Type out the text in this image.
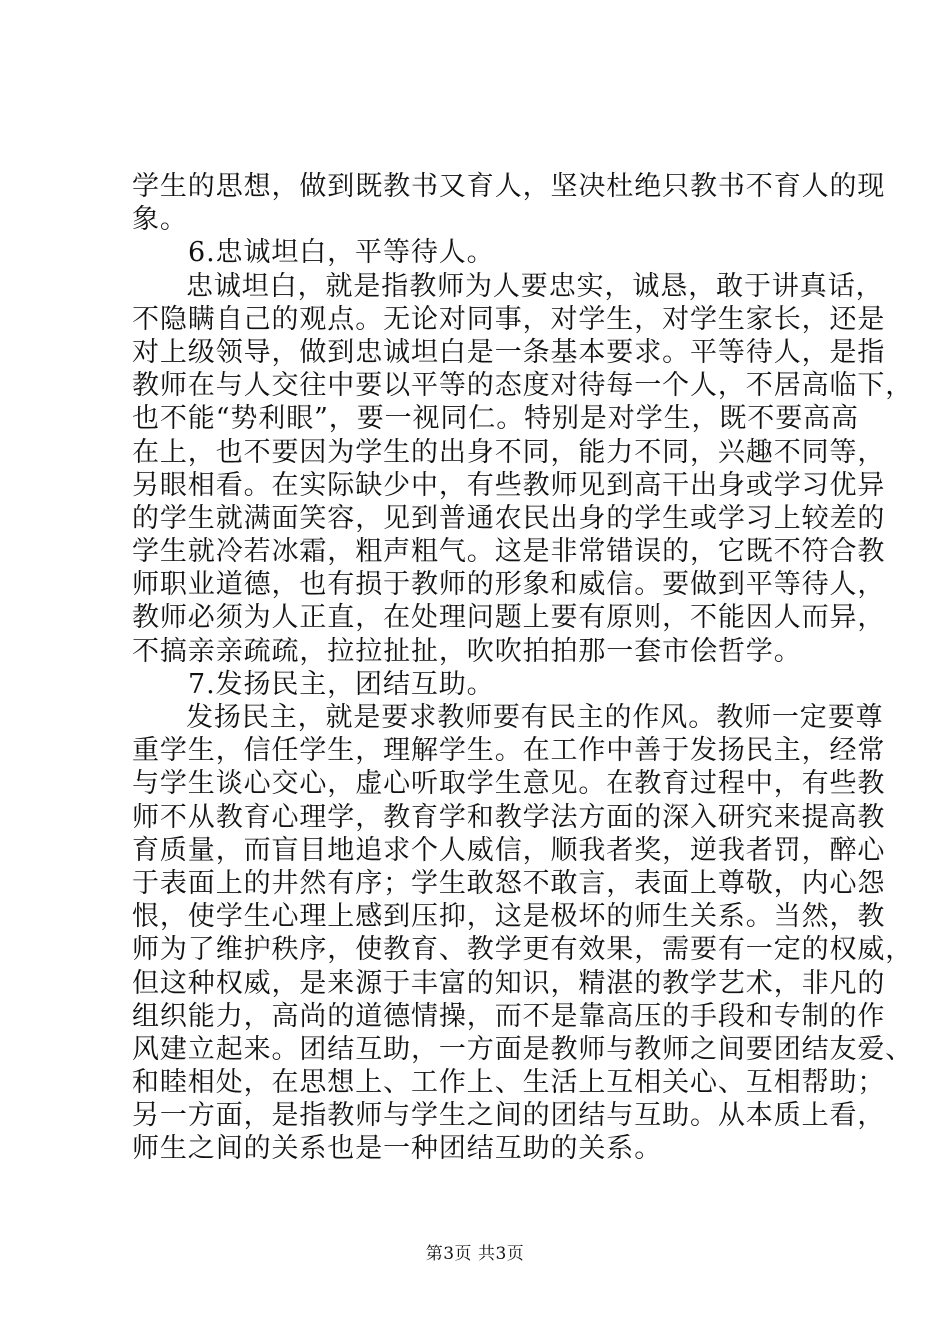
学生的思想，做到既教书又育人，坚决杜绝只教书不育人的现
象。
6.忠诚坦白，平等待人。
忠诚坦白，就是指教师为人要忠实，诚恳，敢于讲真话，
不隐瞒自己的观点。无论对同事，对学生，对学生家长，还是
对上级领导，做到忠诚坦白是一条基本要求。平等待人，是指
教师在与人交往中要以平等的态度对待每一个人，不居高临下，
也不能“势利眼”，要一视同仁。特别是对学生，既不要高高
在上，也不要因为学生的出身不同，能力不同，兴趣不同等，
另眼相看。在实际缺少中，有些教师见到高干出身或学习优异
的学生就满面笑容，见到普通农民出身的学生或学习上较差的
学生就冷若冰霜，粗声粗气。这是非常错误的，它既不符合教
师职业道德，也有损于教师的形象和威信。要做到平等待人，
教师必须为人正直，在处理问题上要有原则，不能因人而异，
不搞亲亲疏疏，拉拉扯扯，吹吹拍拍那一套市侩哲学。
7.发扬民主，团结互助。
发扬民主，就是要求教师要有民主的作风。教师一定要尊
重学生，信任学生，理解学生。在工作中善于发扬民主，经常
与学生谈心交心，虚心听取学生意见。在教育过程中，有些教
师不从教育心理学，教育学和教学法方面的深入研究来提高教
育质量，而盲目地追求个人威信，顺我者奖，逆我者罚，醉心
于表面上的井然有序；学生敢怒不敢言，表面上尊敬，内心怨
恨，使学生心理上感到压抑，这是极坏的师生关系。当然，教
师为了维护秩序，使教育、教学更有效果，需要有一定的权威，
但这种权威，是来源于丰富的知识，精湛的教学艺术，非凡的
组织能力，高尚的道德情操，而不是靠高压的手段和专制的作
风建立起来。团结互助，一方面是教师与教师之间要团结友爱、
和睦相处，在思想上、工作上、生活上互相关心、互相帮助；
另一方面，是指教师与学生之间的团结与互助。从本质上看，
师生之间的关系也是一种团结互助的关系。
第3页 共3页
